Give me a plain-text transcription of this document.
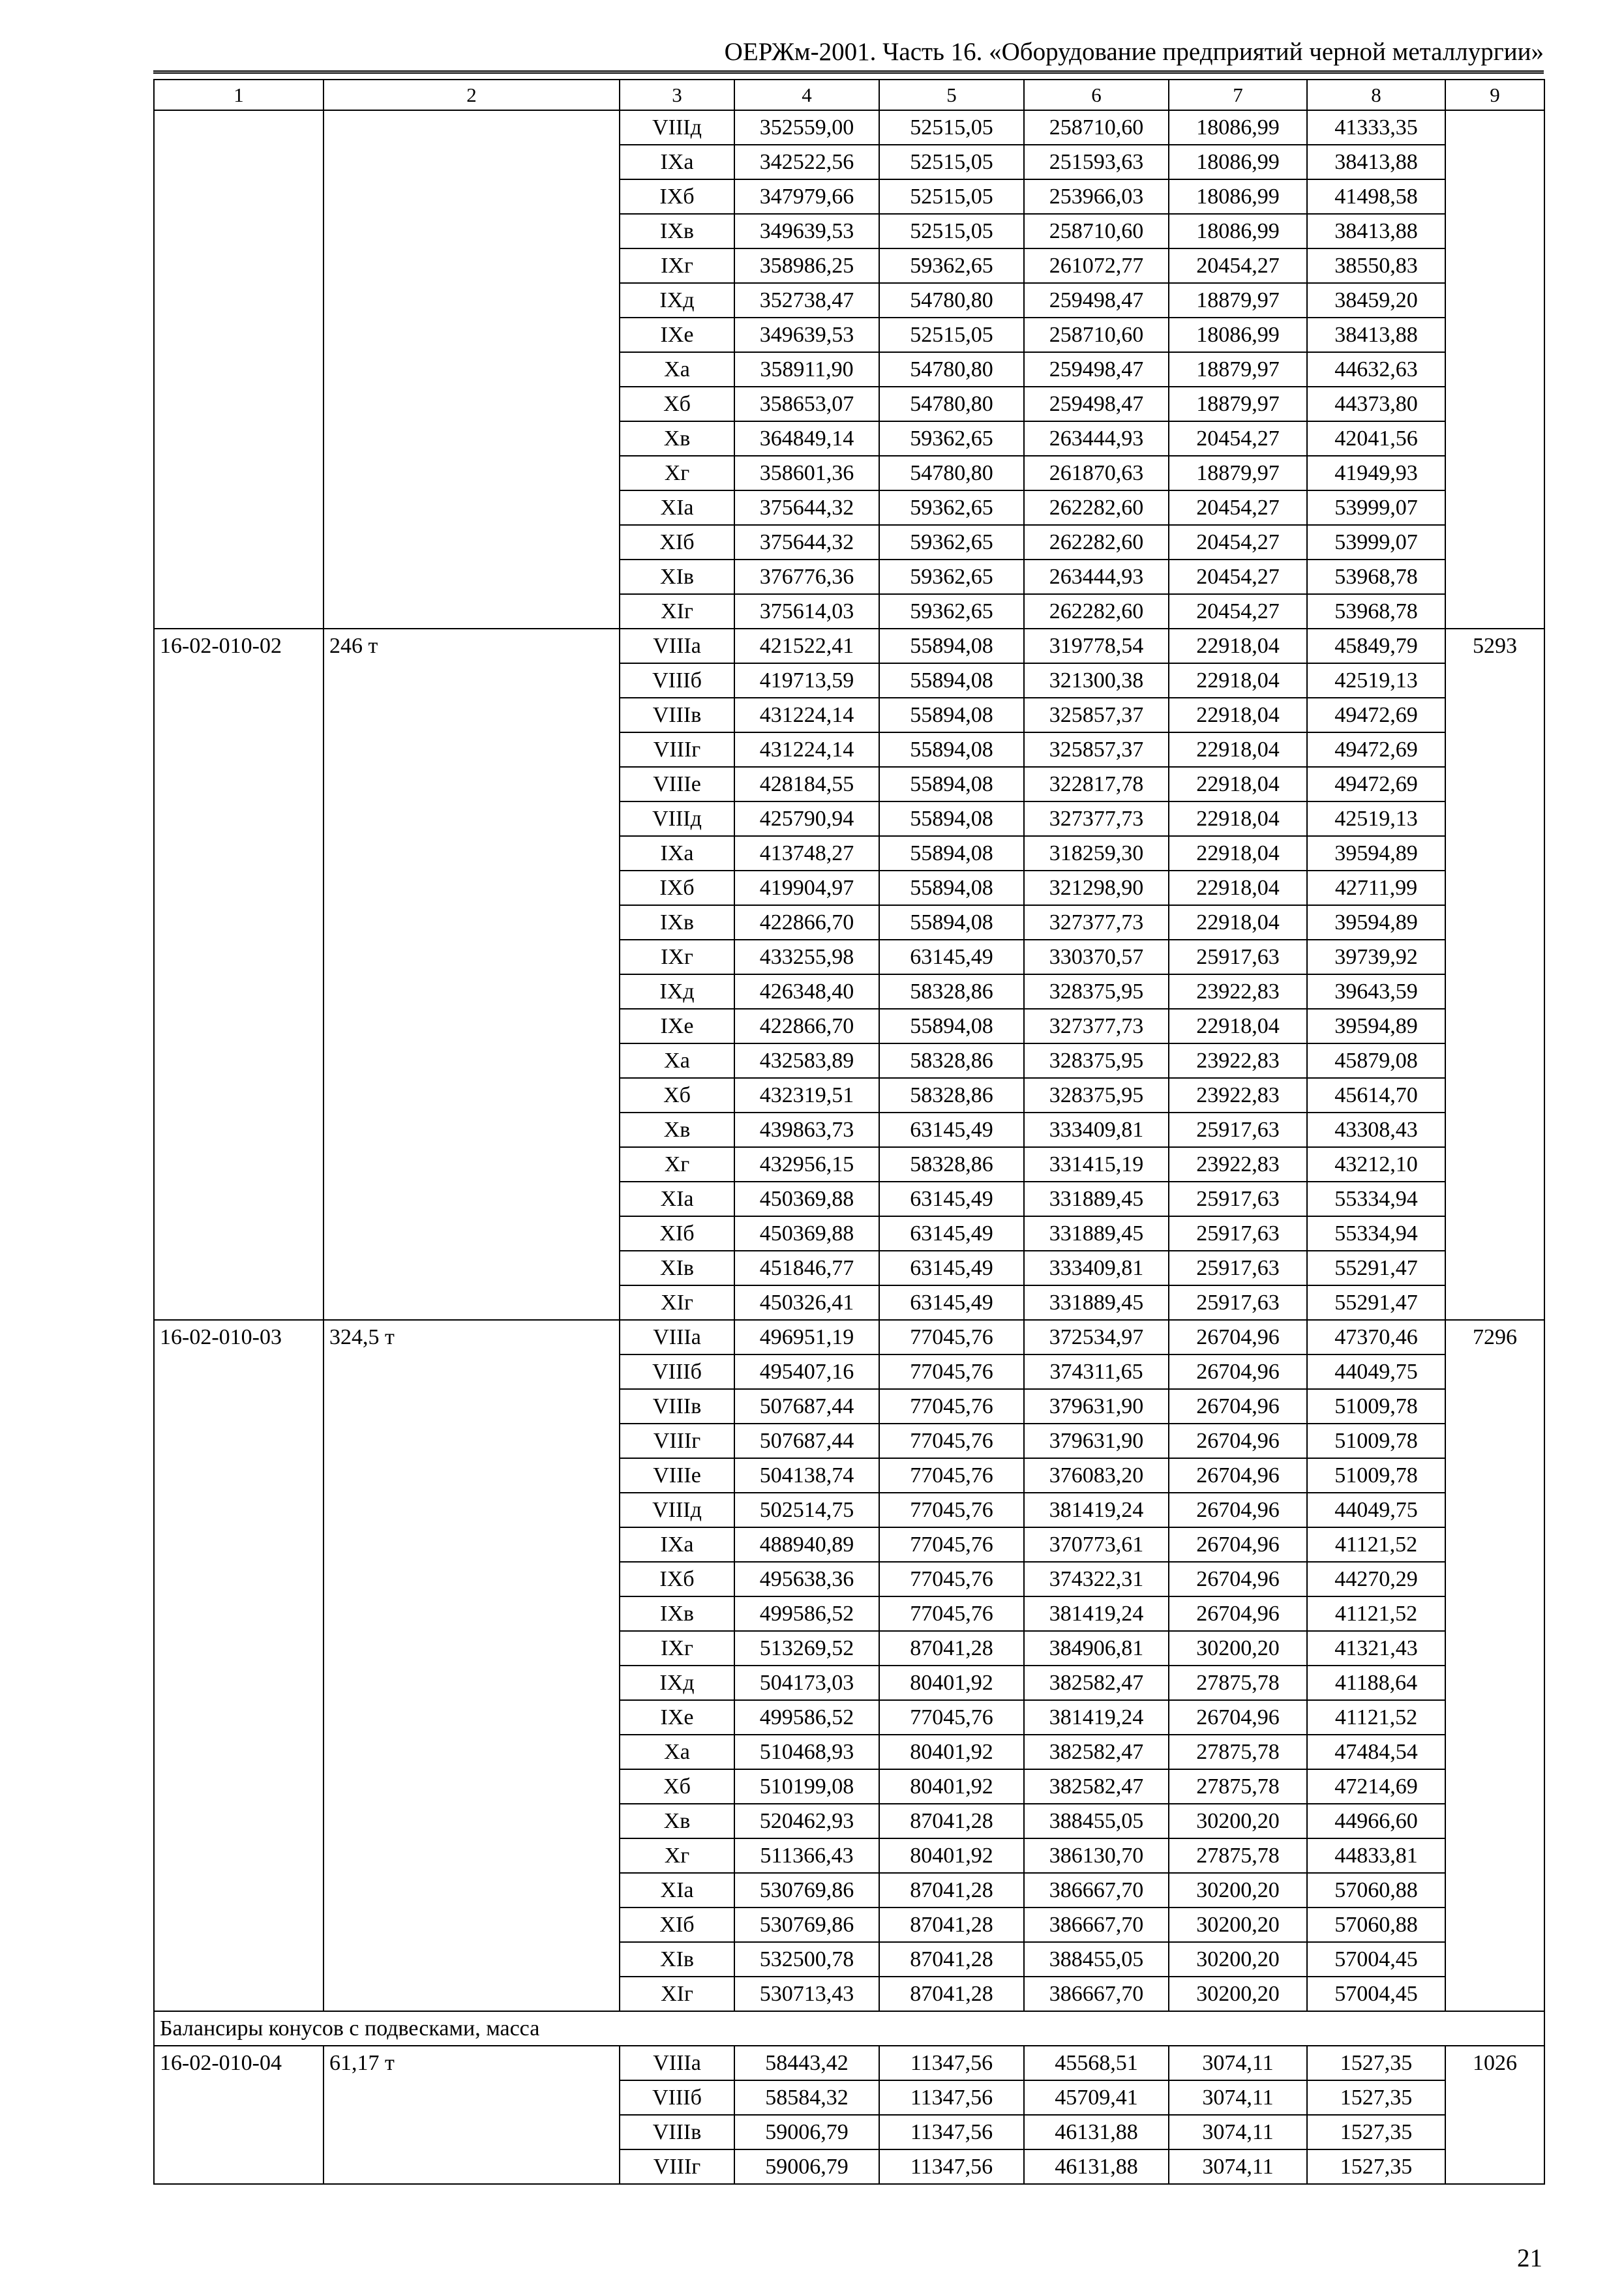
ОЕРЖм-2001. Часть 16. «Оборудование предприятий черной металлургии»
1	2	3	4	5	6	7	8	9
		VIIIд	352559,00	52515,05	258710,60	18086,99	41333,35	
		IXа	342522,56	52515,05	251593,63	18086,99	38413,88	
		IXб	347979,66	52515,05	253966,03	18086,99	41498,58	
		IXв	349639,53	52515,05	258710,60	18086,99	38413,88	
		IXг	358986,25	59362,65	261072,77	20454,27	38550,83	
		IXд	352738,47	54780,80	259498,47	18879,97	38459,20	
		IXе	349639,53	52515,05	258710,60	18086,99	38413,88	
		Xа	358911,90	54780,80	259498,47	18879,97	44632,63	
		Xб	358653,07	54780,80	259498,47	18879,97	44373,80	
		Xв	364849,14	59362,65	263444,93	20454,27	42041,56	
		Xг	358601,36	54780,80	261870,63	18879,97	41949,93	
		XIа	375644,32	59362,65	262282,60	20454,27	53999,07	
		XIб	375644,32	59362,65	262282,60	20454,27	53999,07	
		XIв	376776,36	59362,65	263444,93	20454,27	53968,78	
		XIг	375614,03	59362,65	262282,60	20454,27	53968,78	
16-02-010-02	246 т	VIIIа	421522,41	55894,08	319778,54	22918,04	45849,79	5293
		VIIIб	419713,59	55894,08	321300,38	22918,04	42519,13	
		VIIIв	431224,14	55894,08	325857,37	22918,04	49472,69	
		VIIIг	431224,14	55894,08	325857,37	22918,04	49472,69	
		VIIIе	428184,55	55894,08	322817,78	22918,04	49472,69	
		VIIIд	425790,94	55894,08	327377,73	22918,04	42519,13	
		IXа	413748,27	55894,08	318259,30	22918,04	39594,89	
		IXб	419904,97	55894,08	321298,90	22918,04	42711,99	
		IXв	422866,70	55894,08	327377,73	22918,04	39594,89	
		IXг	433255,98	63145,49	330370,57	25917,63	39739,92	
		IXд	426348,40	58328,86	328375,95	23922,83	39643,59	
		IXе	422866,70	55894,08	327377,73	22918,04	39594,89	
		Xа	432583,89	58328,86	328375,95	23922,83	45879,08	
		Xб	432319,51	58328,86	328375,95	23922,83	45614,70	
		Xв	439863,73	63145,49	333409,81	25917,63	43308,43	
		Xг	432956,15	58328,86	331415,19	23922,83	43212,10	
		XIа	450369,88	63145,49	331889,45	25917,63	55334,94	
		XIб	450369,88	63145,49	331889,45	25917,63	55334,94	
		XIв	451846,77	63145,49	333409,81	25917,63	55291,47	
		XIг	450326,41	63145,49	331889,45	25917,63	55291,47	
16-02-010-03	324,5 т	VIIIа	496951,19	77045,76	372534,97	26704,96	47370,46	7296
		VIIIб	495407,16	77045,76	374311,65	26704,96	44049,75	
		VIIIв	507687,44	77045,76	379631,90	26704,96	51009,78	
		VIIIг	507687,44	77045,76	379631,90	26704,96	51009,78	
		VIIIе	504138,74	77045,76	376083,20	26704,96	51009,78	
		VIIIд	502514,75	77045,76	381419,24	26704,96	44049,75	
		IXа	488940,89	77045,76	370773,61	26704,96	41121,52	
		IXб	495638,36	77045,76	374322,31	26704,96	44270,29	
		IXв	499586,52	77045,76	381419,24	26704,96	41121,52	
		IXг	513269,52	87041,28	384906,81	30200,20	41321,43	
		IXд	504173,03	80401,92	382582,47	27875,78	41188,64	
		IXе	499586,52	77045,76	381419,24	26704,96	41121,52	
		Xа	510468,93	80401,92	382582,47	27875,78	47484,54	
		Xб	510199,08	80401,92	382582,47	27875,78	47214,69	
		Xв	520462,93	87041,28	388455,05	30200,20	44966,60	
		Xг	511366,43	80401,92	386130,70	27875,78	44833,81	
		XIа	530769,86	87041,28	386667,70	30200,20	57060,88	
		XIб	530769,86	87041,28	386667,70	30200,20	57060,88	
		XIв	532500,78	87041,28	388455,05	30200,20	57004,45	
		XIг	530713,43	87041,28	386667,70	30200,20	57004,45	
Балансиры конусов с подвесками, масса								
16-02-010-04	61,17 т	VIIIа	58443,42	11347,56	45568,51	3074,11	1527,35	1026
		VIIIб	58584,32	11347,56	45709,41	3074,11	1527,35	
		VIIIв	59006,79	11347,56	46131,88	3074,11	1527,35	
		VIIIг	59006,79	11347,56	46131,88	3074,11	1527,35	
21
